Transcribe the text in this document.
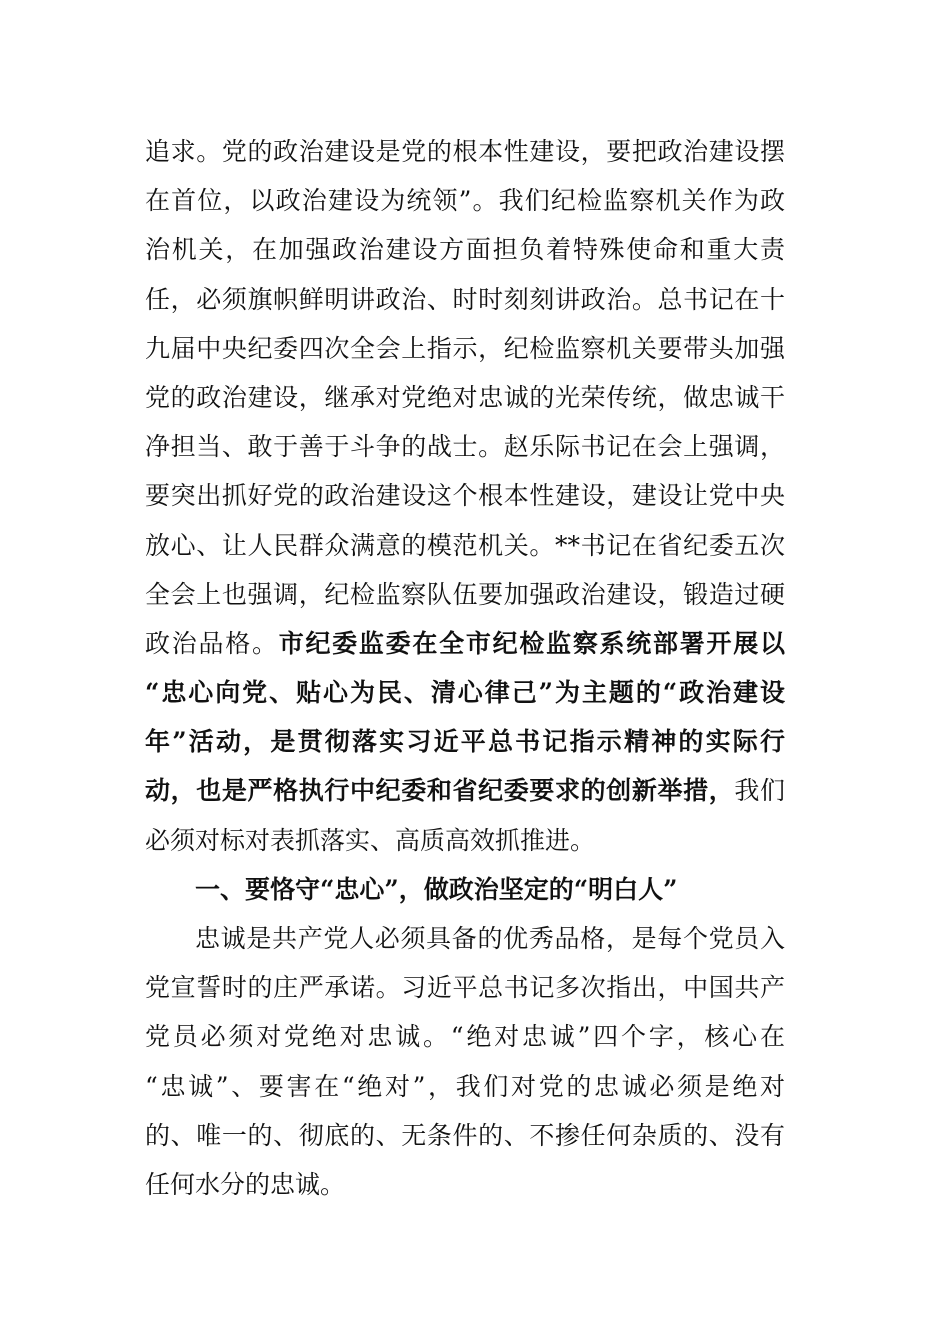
追求。党的政治建设是党的根本性建设，要把政治建设摆
在首位，以政治建设为统领”。我们纪检监察机关作为政
治机关，在加强政治建设方面担负着特殊使命和重大责
任，必须旗帜鲜明讲政治、时时刻刻讲政治。总书记在十
九届中央纪委四次全会上指示，纪检监察机关要带头加强
党的政治建设，继承对党绝对忠诚的光荣传统，做忠诚干
净担当、敢于善于斗争的战士。赵乐际书记在会上强调，
要突出抓好党的政治建设这个根本性建设，建设让党中央
放心、让人民群众满意的模范机关。**书记在省纪委五次
全会上也强调，纪检监察队伍要加强政治建设，锻造过硬
政治品格。市纪委监委在全市纪检监察系统部署开展以
“忠心向党、贴心为民、清心律己”为主题的“政治建设
年”活动，是贯彻落实习近平总书记指示精神的实际行
动，也是严格执行中纪委和省纪委要求的创新举措，我们
必须对标对表抓落实、高质高效抓推进。
一、要恪守“忠心”，做政治坚定的“明白人”
忠诚是共产党人必须具备的优秀品格，是每个党员入
党宣誓时的庄严承诺。习近平总书记多次指出，中国共产
党员必须对党绝对忠诚。“绝对忠诚”四个字，核心在
“忠诚”、要害在“绝对”，我们对党的忠诚必须是绝对
的、唯一的、彻底的、无条件的、不掺任何杂质的、没有
任何水分的忠诚。
